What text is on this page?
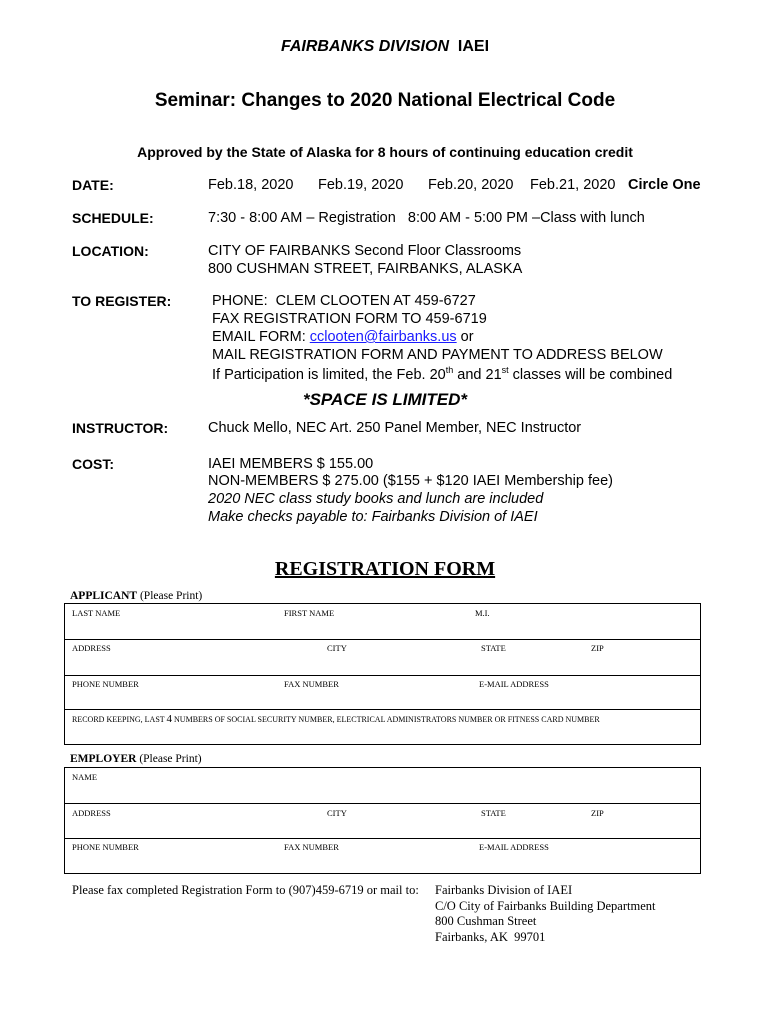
FAIRBANKS DIVISION IAEI
Seminar: Changes to 2020 National Electrical Code
Approved by the State of Alaska for 8 hours of continuing education credit
DATE:	Feb.18, 2020 Feb.19, 2020 Feb.20, 2020 Feb.21, 2020 Circle One
SCHEDULE:	7:30 - 8:00 AM – Registration   8:00 AM - 5:00 PM –Class with lunch
LOCATION:	CITY OF FAIRBANKS Second Floor Classrooms
800 CUSHMAN STREET, FAIRBANKS, ALASKA
TO REGISTER:	PHONE:  CLEM CLOOTEN AT 459-6727
FAX REGISTRATION FORM TO 459-6719
EMAIL FORM: cclooten@fairbanks.us or
MAIL REGISTRATION FORM AND PAYMENT TO ADDRESS BELOW
If Participation is limited, the Feb. 20th and 21st classes will be combined
*SPACE IS LIMITED*
INSTRUCTOR:	Chuck Mello, NEC Art. 250 Panel Member, NEC Instructor
COST:	IAEI MEMBERS $ 155.00
NON-MEMBERS $ 275.00 ($155 + $120 IAEI Membership fee)
2020 NEC class study books and lunch are included
Make checks payable to: Fairbanks Division of IAEI
REGISTRATION FORM
APPLICANT (Please Print)
LAST NAME	FIRST NAME	M.I.
ADDRESS	CITY	STATE	ZIP
PHONE NUMBER	FAX NUMBER	E-MAIL ADDRESS
RECORD KEEPING, LAST 4 NUMBERS OF SOCIAL SECURITY NUMBER, ELECTRICAL ADMINISTRATORS NUMBER OR FITNESS CARD NUMBER
EMPLOYER (Please Print)
NAME
ADDRESS	CITY	STATE	ZIP
PHONE NUMBER	FAX NUMBER	E-MAIL ADDRESS
Please fax completed Registration Form to (907)459-6719 or mail to: Fairbanks Division of IAEI
C/O City of Fairbanks Building Department
800 Cushman Street
Fairbanks, AK  99701
